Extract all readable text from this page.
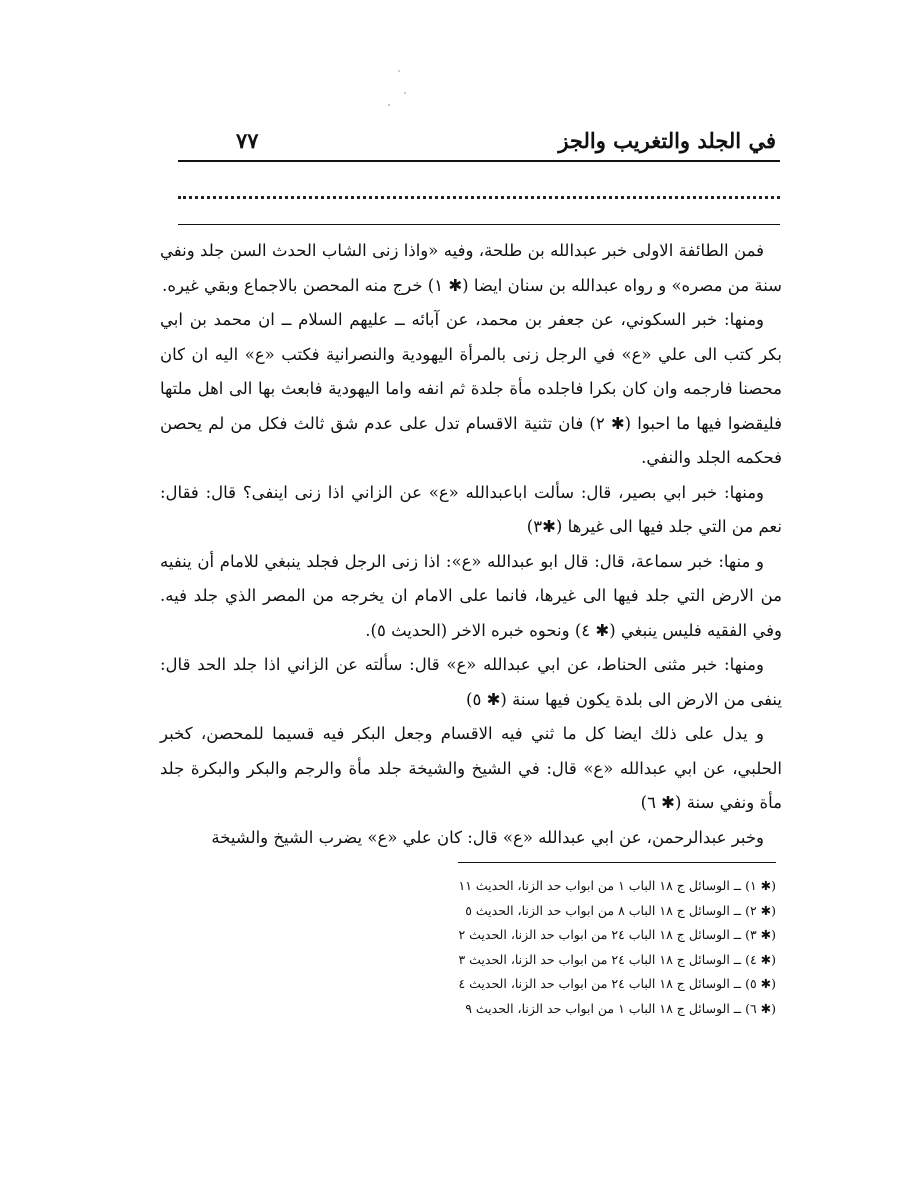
في الجلد والتغريب والجز
٧٧

فمن الطائفة الاولى خبر عبدالله بن طلحة، وفيه «واذا زنى الشاب الحدث السن جلد ونفي سنة من مصره» و رواه عبدالله بن سنان ايضا (✱ ١) خرج منه المحصن بالاجماع وبقي غيره.

ومنها: خبر السكوني، عن جعفر بن محمد، عن آبائه ــ عليهم السلام ــ ان محمد بن ابي بكر كتب الى علي «ع» في الرجل زنى بالمرأة اليهودية والنصرانية فكتب «ع» اليه ان كان محصنا فارجمه وان كان بكرا فاجلده مأة جلدة ثم انفه واما اليهودية فابعث بها الى اهل ملتها فليقضوا فيها ما احبوا (✱ ٢) فان تثنية الاقسام تدل على عدم شق ثالث فكل من لم يحصن فحكمه الجلد والنفي.

ومنها: خبر ابي بصير، قال: سألت اباعبدالله «ع» عن الزاني اذا زنى اينفى؟ قال: فقال: نعم من التي جلد فيها الى غيرها (✱٣)

و منها: خبر سماعة، قال: قال ابو عبدالله «ع»: اذا زنى الرجل فجلد ينبغي للامام أن ينفيه من الارض التي جلد فيها الى غيرها، فانما على الامام ان يخرجه من المصر الذي جلد فيه. وفي الفقيه فليس ينبغي (✱ ٤) ونحوه خبره الاخر (الحديث ٥).

ومنها: خبر مثنى الحناط، عن ابي عبدالله «ع» قال: سألته عن الزاني اذا جلد الحد قال: ينفى من الارض الى بلدة يكون فيها سنة (✱ ٥)

و يدل على ذلك ايضا كل ما ثني فيه الاقسام وجعل البكر فيه قسيما للمحصن، كخبر الحلبي، عن ابي عبدالله «ع» قال: في الشيخ والشيخة جلد مأة والرجم والبكر والبكرة جلد مأة ونفي سنة (✱ ٦)

وخبر عبدالرحمن، عن ابي عبدالله «ع» قال: كان علي «ع» يضرب الشيخ والشيخة

(✱ ١) ــ الوسائل ج ١٨ الباب ١ من ابواب حد الزنا، الحديث ١١
(✱ ٢) ــ الوسائل ج ١٨ الباب ٨ من ابواب حد الزنا، الحديث ٥
(✱ ٣) ــ الوسائل ج ١٨ الباب ٢٤ من ابواب حد الزنا، الحديث ٢
(✱ ٤) ــ الوسائل ج ١٨ الباب ٢٤ من ابواب حد الزنا، الحديث ٣
(✱ ٥) ــ الوسائل ج ١٨ الباب ٢٤ من ابواب حد الزنا، الحديث ٤
(✱ ٦) ــ الوسائل ج ١٨ الباب ١ من ابواب حد الزنا، الحديث ٩
